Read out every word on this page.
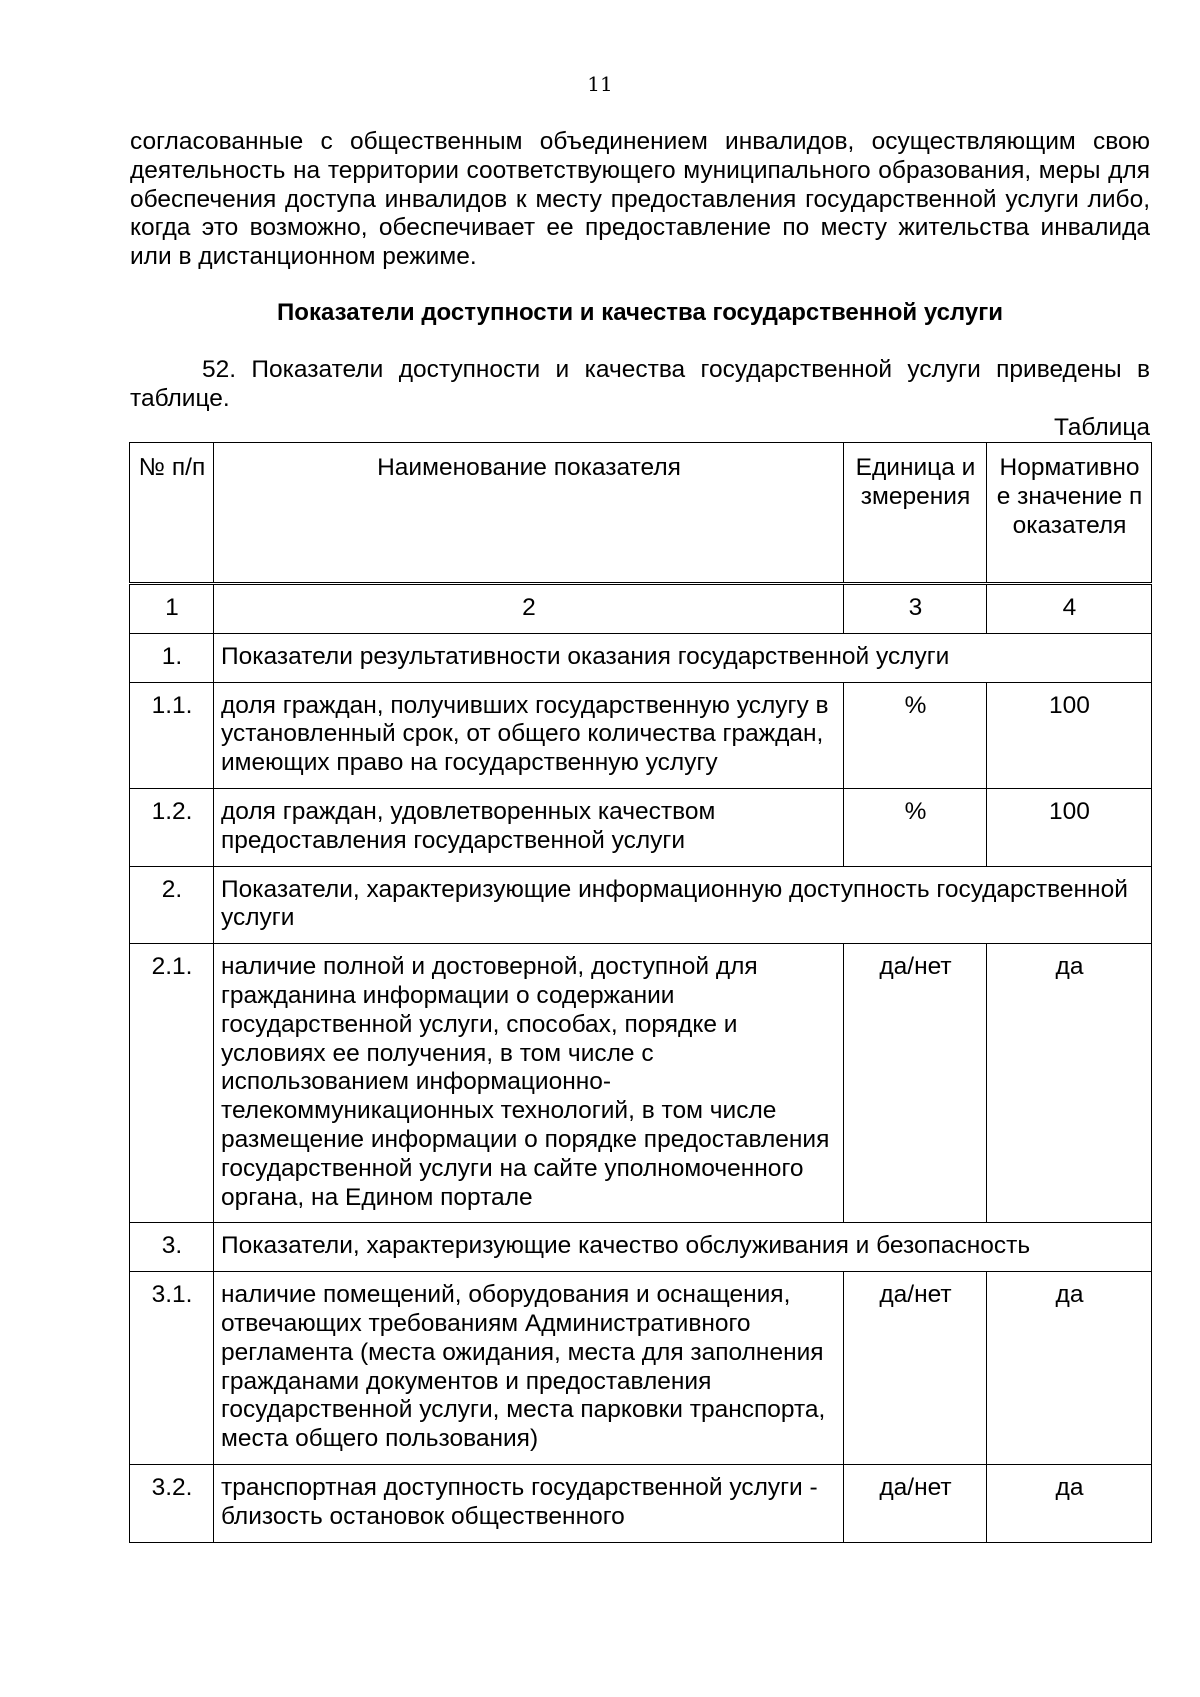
11
согласованные с общественным объединением инвалидов, осуществляющим свою деятельность на территории соответствующего муниципального образования, меры для обеспечения доступа инвалидов к месту предоставления государственной услуги либо, когда это возможно, обеспечивает ее предоставление по месту жительства инвалида или в дистанционном режиме.
Показатели доступности и качества государственной услуги
52. Показатели доступности и качества государственной услуги приведены в таблице.
Таблица
№ п/п	Наименование показателя	Единица измерения	Нормативное значение показателя
1	2	3	4
1.	Показатели результативности оказания государственной услуги		
1.1.	доля граждан, получивших государственную услугу в установленный срок, от общего количества граждан, имеющих право на государственную услугу	%	100
1.2.	доля граждан, удовлетворенных качеством предоставления государственной услуги	%	100
2.	Показатели, характеризующие информационную доступность государственной услуги		
2.1.	наличие полной и достоверной, доступной для гражданина информации о содержании государственной услуги, способах, порядке и условиях ее получения, в том числе с использованием информационно-телекоммуникационных технологий, в том числе размещение информации о порядке предоставления государственной услуги на сайте уполномоченного органа, на Едином портале	да/нет	да
3.	Показатели, характеризующие качество обслуживания и безопасность		
3.1.	наличие помещений, оборудования и оснащения, отвечающих требованиям Административного регламента (места ожидания, места для заполнения гражданами документов и предоставления государственной услуги, места парковки транспорта, места общего пользования)	да/нет	да
3.2.	транспортная доступность государственной услуги - близость остановок общественного	да/нет	да
